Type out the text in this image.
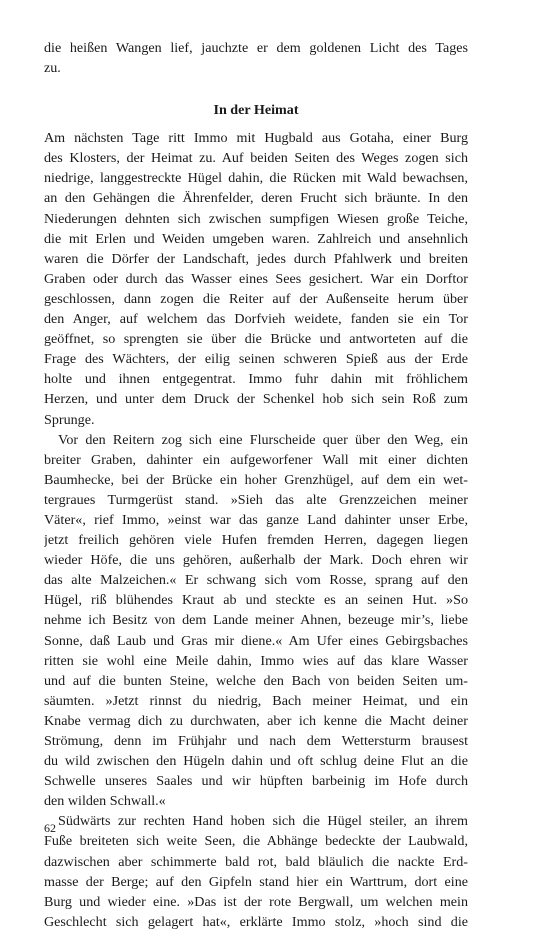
die heißen Wangen lief, jauchzte er dem goldenen Licht des Tages
zu.
In der Heimat
Am nächsten Tage ritt Immo mit Hugbald aus Gotaha, einer Burg
des Klosters, der Heimat zu. Auf beiden Seiten des Weges zogen sich
niedrige, langgestreckte Hügel dahin, die Rücken mit Wald bewachsen,
an den Gehängen die Ährenfelder, deren Frucht sich bräunte. In den
Niederungen dehnten sich zwischen sumpfigen Wiesen große Teiche,
die mit Erlen und Weiden umgeben waren. Zahlreich und ansehnlich
waren die Dörfer der Landschaft, jedes durch Pfahlwerk und breiten
Graben oder durch das Wasser eines Sees gesichert. War ein Dorftor
geschlossen, dann zogen die Reiter auf der Außenseite herum über
den Anger, auf welchem das Dorfvieh weidete, fanden sie ein Tor
geöffnet, so sprengten sie über die Brücke und antworteten auf die
Frage des Wächters, der eilig seinen schweren Spieß aus der Erde
holte und ihnen entgegentrat. Immo fuhr dahin mit fröhlichem
Herzen, und unter dem Druck der Schenkel hob sich sein Roß zum
Sprunge.
Vor den Reitern zog sich eine Flurscheide quer über den Weg, ein
breiter Graben, dahinter ein aufgeworfener Wall mit einer dichten
Baumhecke, bei der Brücke ein hoher Grenzhügel, auf dem ein wet-
tergraues Turmgerüst stand. »Sieh das alte Grenzzeichen meiner
Väter«, rief Immo, »einst war das ganze Land dahinter unser Erbe,
jetzt freilich gehören viele Hufen fremden Herren, dagegen liegen
wieder Höfe, die uns gehören, außerhalb der Mark. Doch ehren wir
das alte Malzeichen.« Er schwang sich vom Rosse, sprang auf den
Hügel, riß blühendes Kraut ab und steckte es an seinen Hut. »So
nehme ich Besitz von dem Lande meiner Ahnen, bezeuge mir’s, liebe
Sonne, daß Laub und Gras mir diene.« Am Ufer eines Gebirgsbaches
ritten sie wohl eine Meile dahin, Immo wies auf das klare Wasser
und auf die bunten Steine, welche den Bach von beiden Seiten um-
säumten. »Jetzt rinnst du niedrig, Bach meiner Heimat, und ein
Knabe vermag dich zu durchwaten, aber ich kenne die Macht deiner
Strömung, denn im Frühjahr und nach dem Wettersturm brausest
du wild zwischen den Hügeln dahin und oft schlug deine Flut an die
Schwelle unseres Saales und wir hüpften barbeinig im Hofe durch
den wilden Schwall.«
Südwärts zur rechten Hand hoben sich die Hügel steiler, an ihrem
Fuße breiteten sich weite Seen, die Abhänge bedeckte der Laubwald,
dazwischen aber schimmerte bald rot, bald bläulich die nackte Erd-
masse der Berge; auf den Gipfeln stand hier ein Warttrum, dort eine
Burg und wieder eine. »Das ist der rote Bergwall, um welchen mein
Geschlecht sich gelagert hat«, erklärte Immo stolz, »hoch sind die
62
